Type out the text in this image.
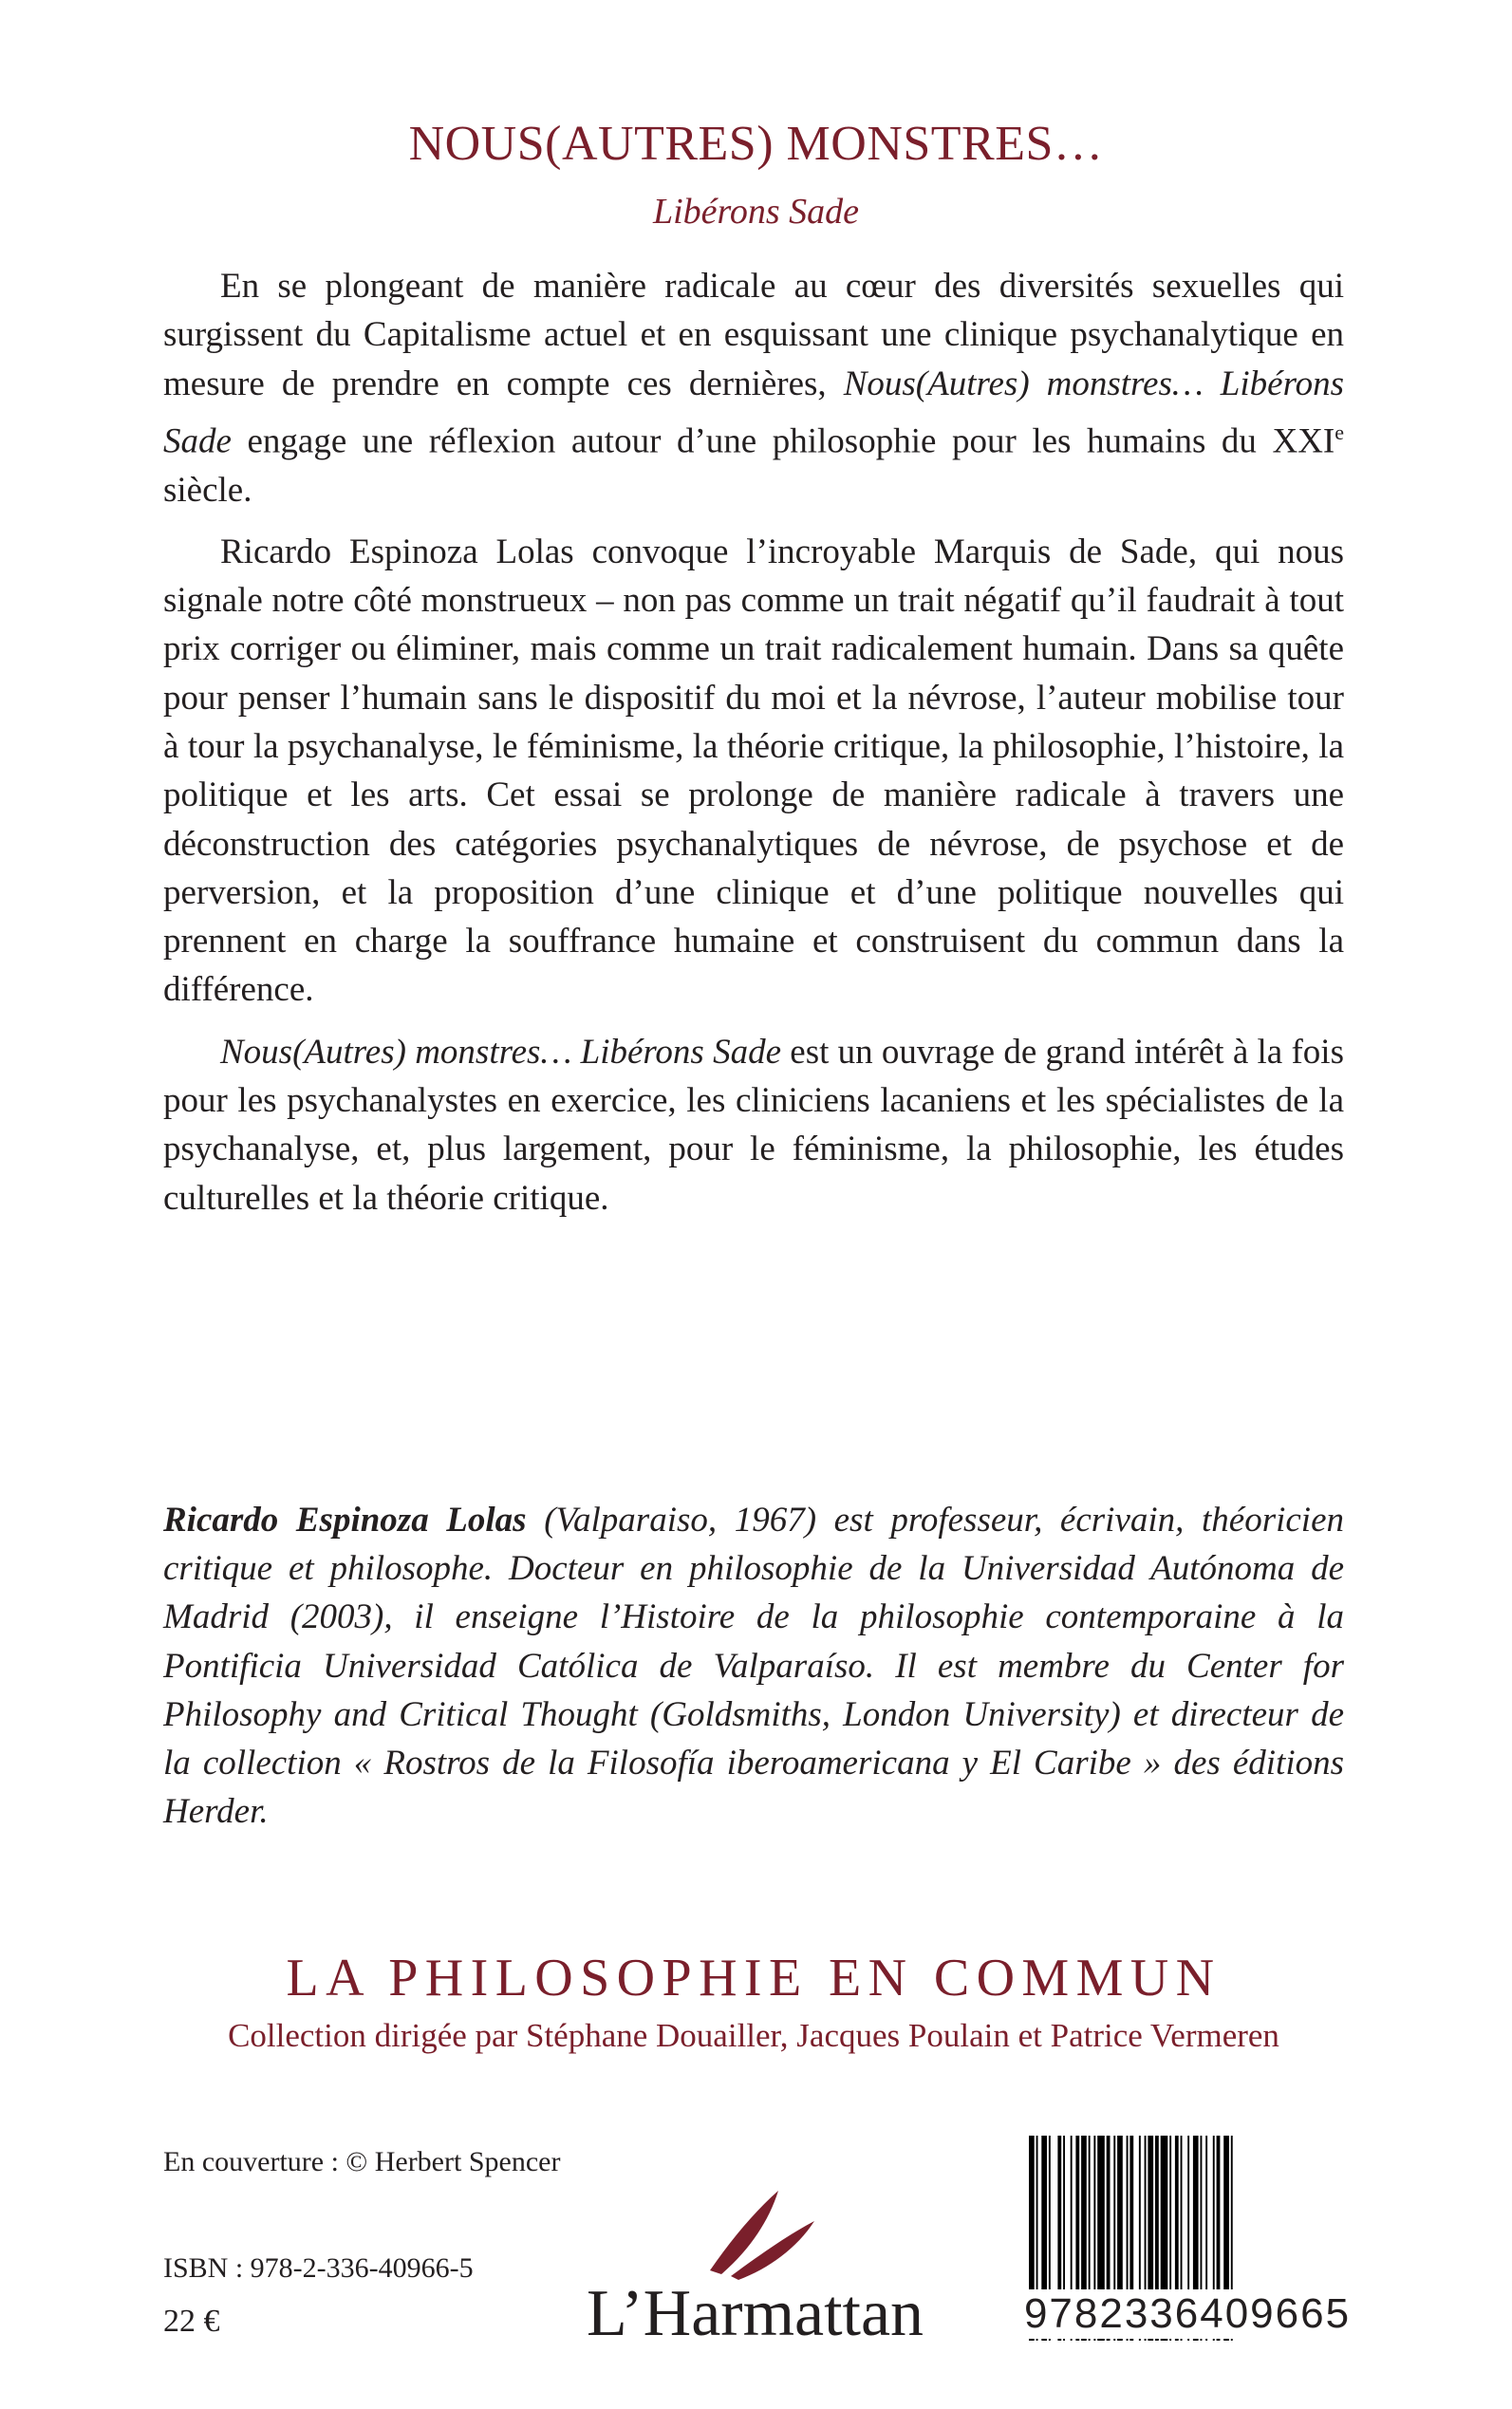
NOUS(AUTRES) MONSTRES…
Libérons Sade

En se plongeant de manière radicale au cœur des diversités sexuelles qui surgissent du Capitalisme actuel et en esquissant une clinique psychanalytique en mesure de prendre en compte ces dernières, Nous(Autres) monstres… Libérons Sade engage une réflexion autour d’une philosophie pour les humains du XXIe siècle.

Ricardo Espinoza Lolas convoque l’incroyable Marquis de Sade, qui nous signale notre côté monstrueux – non pas comme un trait négatif qu’il faudrait à tout prix corriger ou éliminer, mais comme un trait radicalement humain. Dans sa quête pour penser l’humain sans le dispositif du moi et la névrose, l’auteur mobilise tour à tour la psychanalyse, le féminisme, la théorie critique, la philosophie, l’histoire, la politique et les arts. Cet essai se prolonge de manière radicale à travers une déconstruction des catégories psychanalytiques de névrose, de psychose et de perversion, et la proposition d’une clinique et d’une politique nouvelles qui prennent en charge la souffrance humaine et construisent du commun dans la différence.

Nous(Autres) monstres… Libérons Sade est un ouvrage de grand intérêt à la fois pour les psychanalystes en exercice, les cliniciens lacaniens et les spécialistes de la psychanalyse, et, plus largement, pour le féminisme, la philosophie, les études culturelles et la théorie critique.

Ricardo Espinoza Lolas (Valparaiso, 1967) est professeur, écrivain, théoricien critique et philosophe. Docteur en philosophie de la Universidad Autónoma de Madrid (2003), il enseigne l’Histoire de la philosophie contemporaine à la Pontificia Universidad Católica de Valparaíso. Il est membre du Center for Philosophy and Critical Thought (Goldsmiths, London University) et directeur de la collection « Rostros de la Filosofía iberoamericana y El Caribe » des éditions Herder.

LA PHILOSOPHIE EN COMMUN
Collection dirigée par Stéphane Douailler, Jacques Poulain et Patrice Vermeren
En couverture : © Herbert Spencer
ISBN : 978-2-336-40966-5
22 €	L’Harmattan 9782336409665
